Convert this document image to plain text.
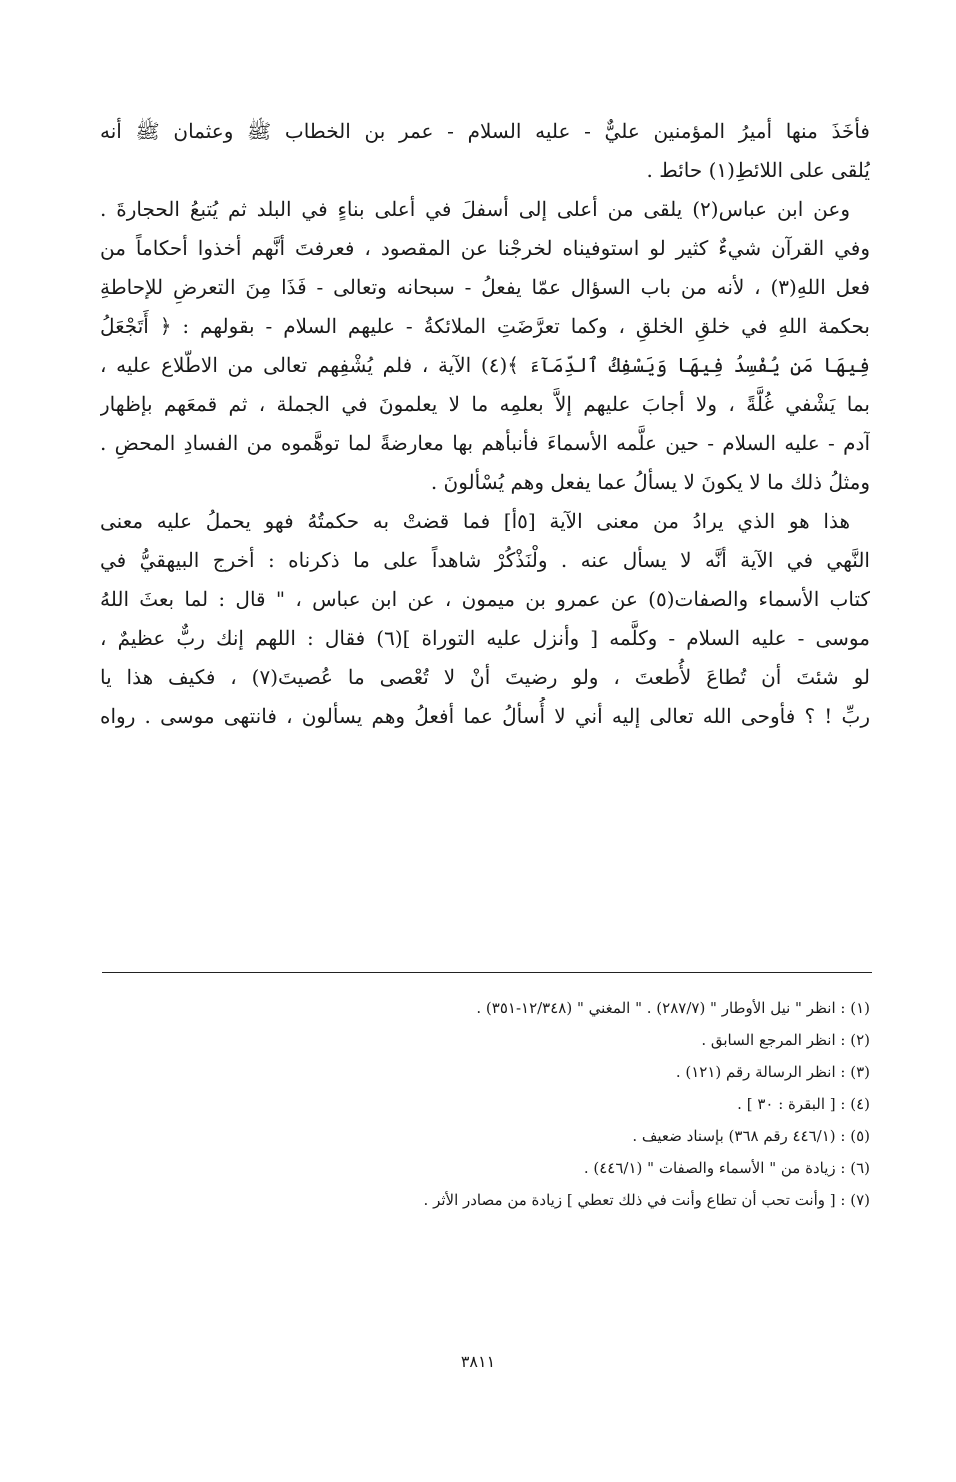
فأخَذَ منها أميرُ المؤمنين عليٌّ - عليه السلام - عمر بن الخطاب ﷺ وعثمان ﷺ أنه
يُلقى على اللائطِ(١) حائط .
وعن ابن عباس(٢) يلقى من أعلى إلى أسفلَ في أعلى بناءٍ في البلد ثم يُتبعُ الحجارةَ .
وفي القرآن شيءٌ كثير لو استوفيناه لخرجْنا عن المقصود ، فعرفتَ أنَّهم أخذوا أحكاماً من
فعل اللهِ(٣) ، لأنه من باب السؤال عمّا يفعلُ - سبحانه وتعالى - فَذَا مِنَ التعرضِ للإحاطةِ
بحكمة اللهِ في خلقِ الخلقِ ، وكما تعرَّضَتِ الملائكةُ - عليهم السلام - بقولهم : ﴿ أَتَجْعَلُ
فِيهَا مَن يُفْسِدُ فِيهَا وَيَسْفِكُ ٱلدِّمَآءَ ﴾(٤) الآية ، فلم يُشْفِهم تعالى من الاطّلاع عليه ،
بما يَشْفي غُلَّةً ، ولا أجابَ عليهم إلاَّ بعلمِه ما لا يعلمونَ في الجملة ، ثم قمعَهم بإظهار
آدم - عليه السلام - حين علَّمه الأسماءَ فأنبأهم بها معارضةً لما توهَّموه من الفسادِ المحضِ .
ومثلُ ذلك ما لا يكونَ لا يسألُ عما يفعل وهم يُسْألونَ .
هذا هو الذي يرادُ من معنى الآية [٥أ] فما قضتْ به حكمتُهُ فهو يحملُ عليه معنى
النَّهي في الآية أنَّه لا يسأل عنه . ولْنَذْكُرْ شاهداً على ما ذكرناه : أخرج البيهقيُّ في
كتاب الأسماء والصفات(٥) عن عمرو بن ميمون ، عن ابن عباس ، " قال : لما بعثَ اللهُ
موسى - عليه السلام - وكلَّمه [ وأنزل عليه التوراة ](٦) فقال : اللهم إنك ربٌّ عظيمٌ ،
لو شئتَ أن تُطاعَ لأُطعتَ ، ولو رضيتَ أنْ لا تُعْصى ما عُصيتَ(٧) ، فكيف هذا يا
ربِّ ! ؟ فأوحى الله تعالى إليه أني لا أُسألُ عما أفعلُ وهم يسألون ، فانتهى موسى . رواه
(١) : انظر " نيل الأوطار " (٢٨٧/٧) . " المغني " (١٢/٣٤٨-٣٥١) .
(٢) : انظر المرجع السابق .
(٣) : انظر الرسالة رقم (١٢١) .
(٤) : [ البقرة : ٣٠ ] .
(٥) : (٤٤٦/١ رقم ٣٦٨) بإسناد ضعيف .
(٦) : زيادة من " الأسماء والصفات " (٤٤٦/١) .
(٧) : [ وأنت تحب أن تطاع وأنت في ذلك تعطي ] زيادة من مصادر الأثر .
٣٨١١
